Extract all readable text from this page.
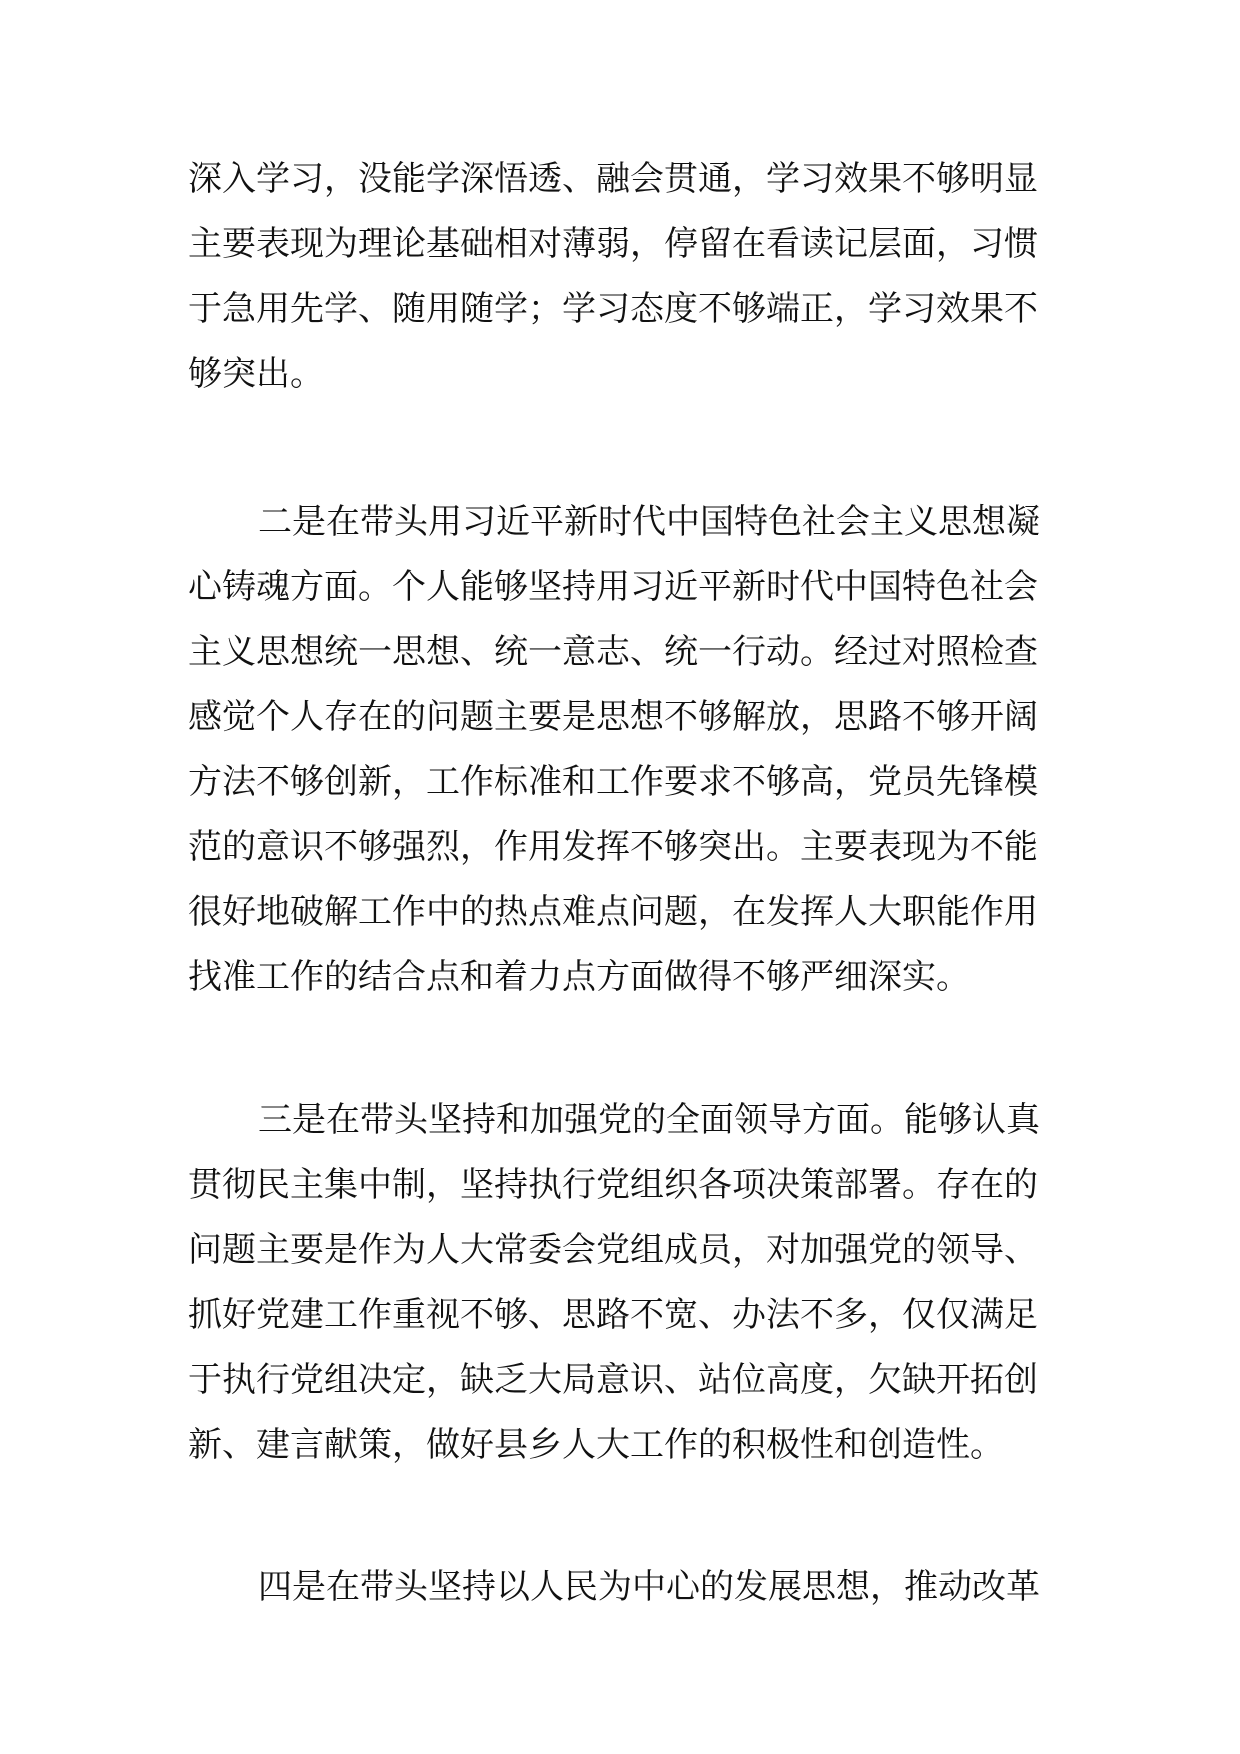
深入学习，没能学深悟透、融会贯通，学习效果不够明显
主要表现为理论基础相对薄弱，停留在看读记层面，习惯
于急用先学、随用随学；学习态度不够端正，学习效果不
够突出。
二是在带头用习近平新时代中国特色社会主义思想凝
心铸魂方面。个人能够坚持用习近平新时代中国特色社会
主义思想统一思想、统一意志、统一行动。经过对照检查
感觉个人存在的问题主要是思想不够解放，思路不够开阔
方法不够创新，工作标准和工作要求不够高，党员先锋模
范的意识不够强烈，作用发挥不够突出。主要表现为不能
很好地破解工作中的热点难点问题，在发挥人大职能作用
找准工作的结合点和着力点方面做得不够严细深实。
三是在带头坚持和加强党的全面领导方面。能够认真
贯彻民主集中制，坚持执行党组织各项决策部署。存在的
问题主要是作为人大常委会党组成员，对加强党的领导、
抓好党建工作重视不够、思路不宽、办法不多，仅仅满足
于执行党组决定，缺乏大局意识、站位高度，欠缺开拓创
新、建言献策，做好县乡人大工作的积极性和创造性。
四是在带头坚持以人民为中心的发展思想，推动改革
